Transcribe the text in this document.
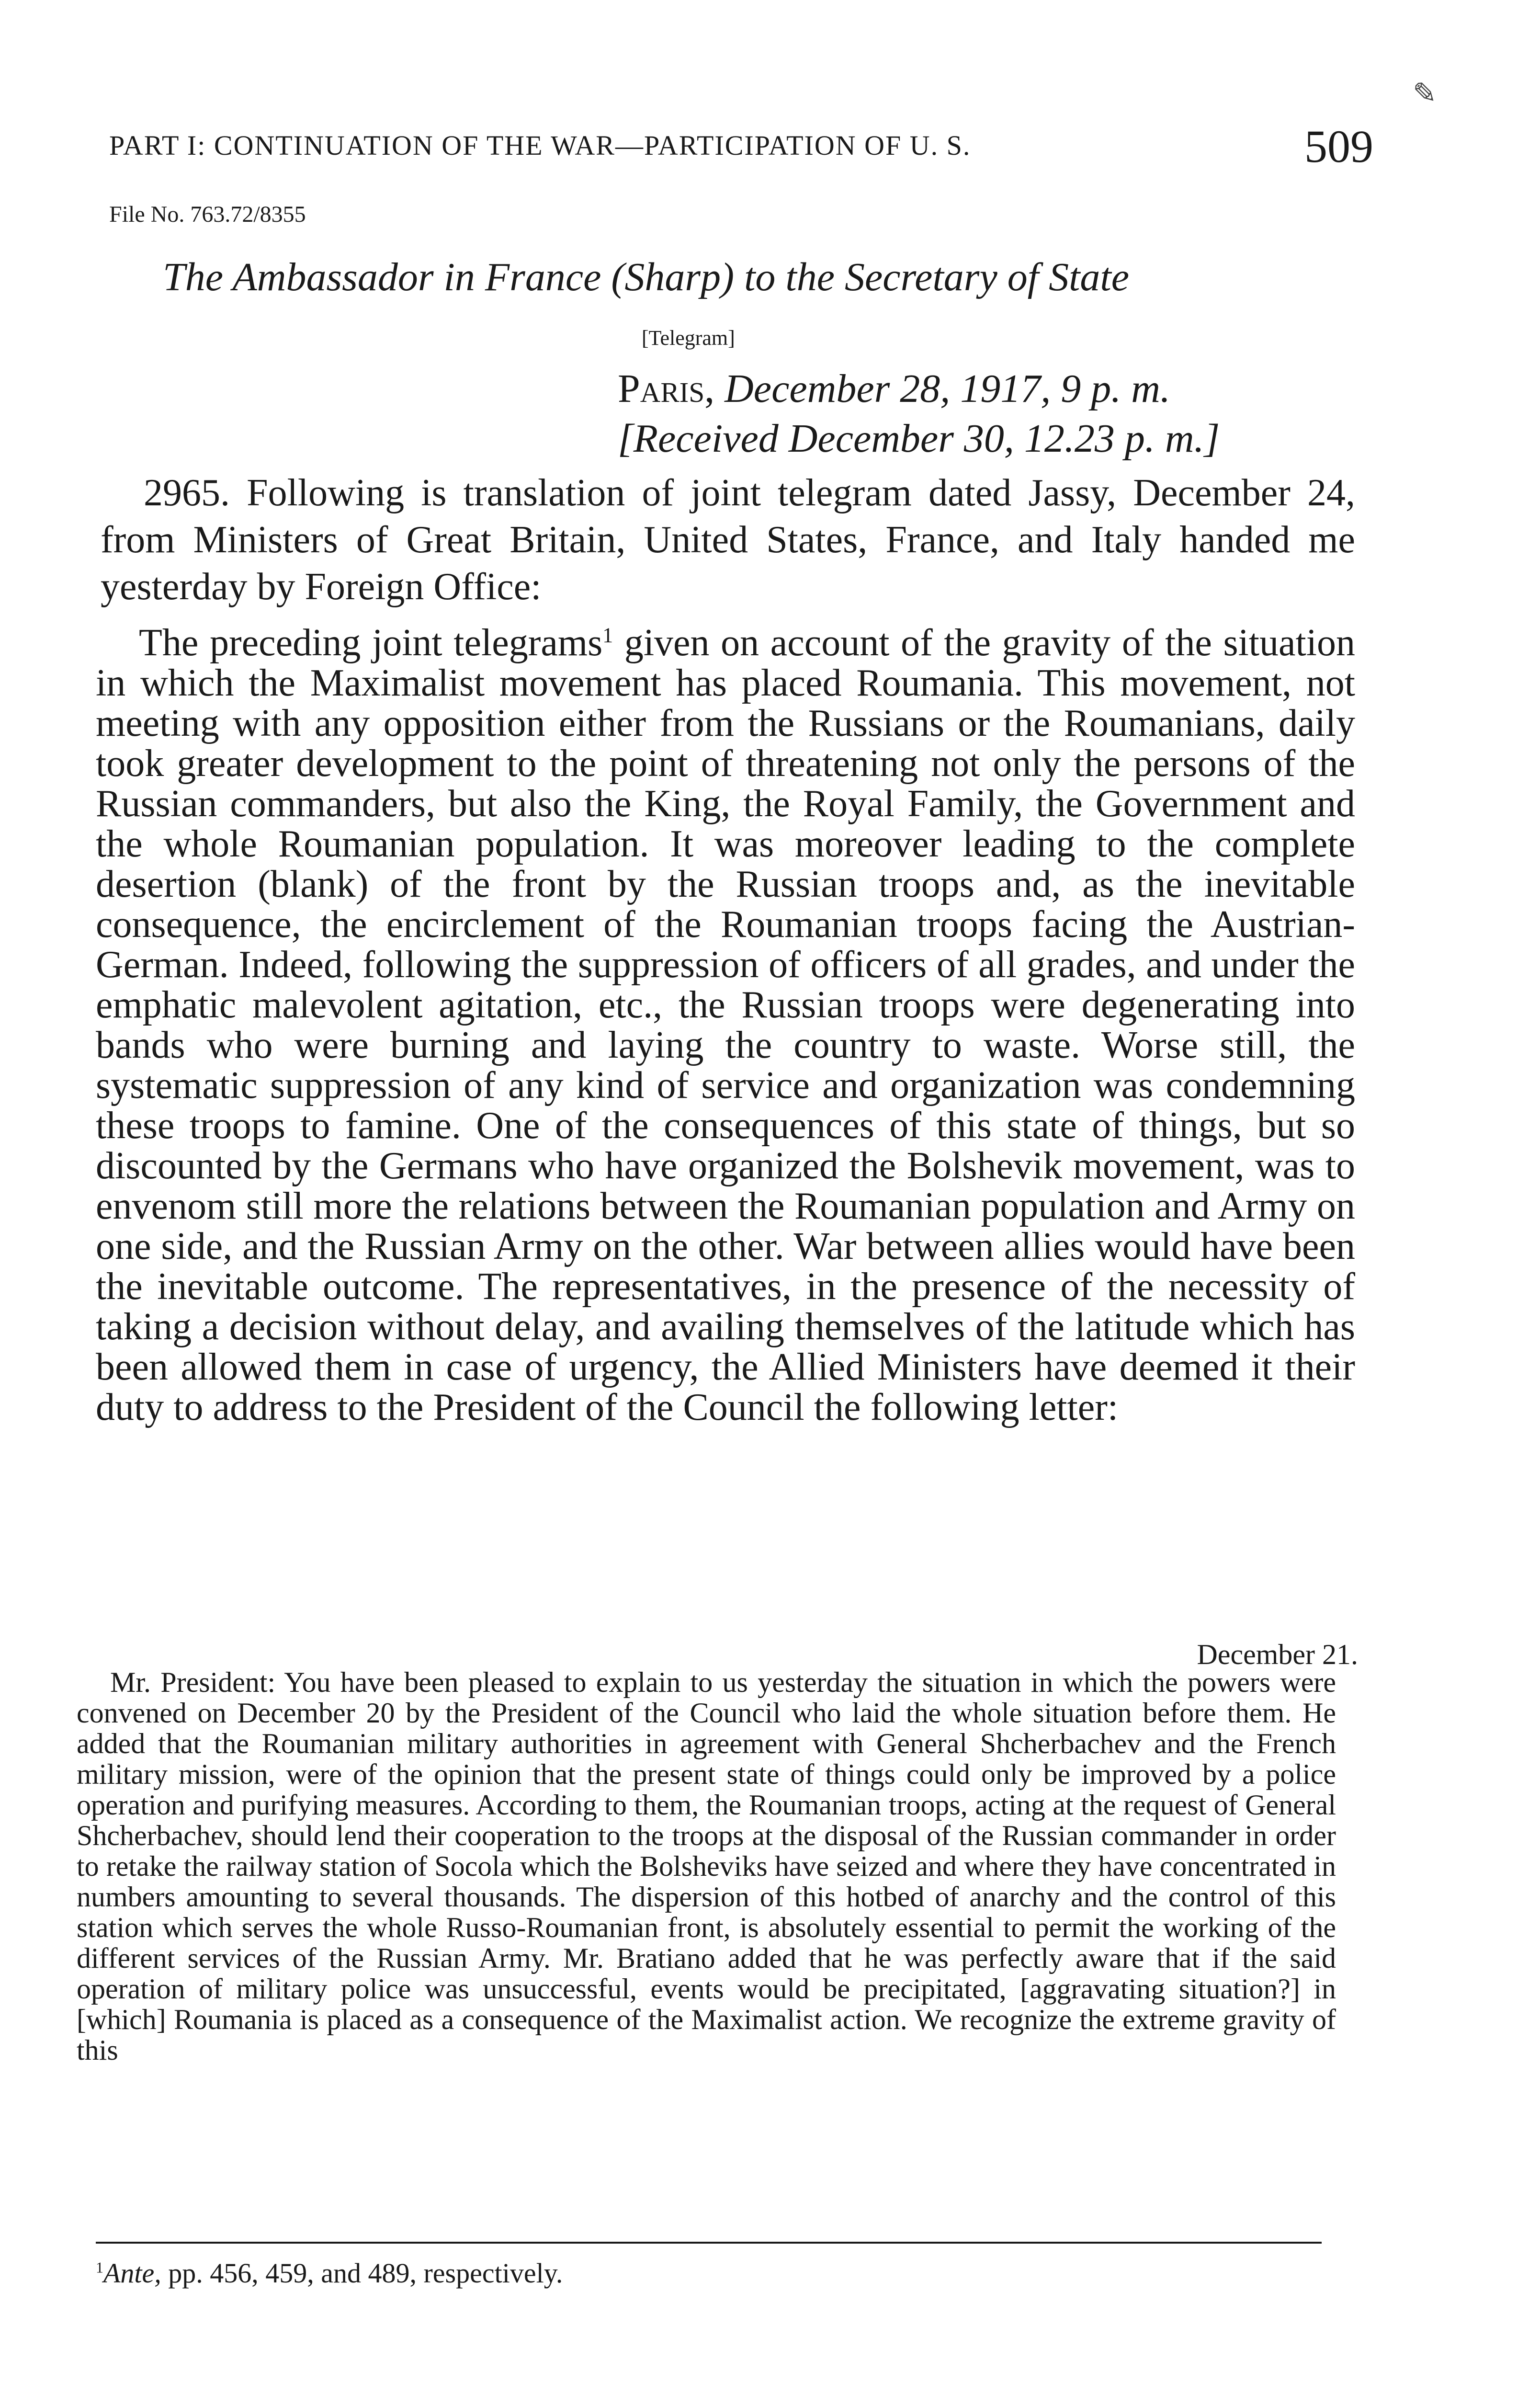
✎
PART I: CONTINUATION OF THE WAR—PARTICIPATION OF U. S.	509
File No. 763.72/8355
The Ambassador in France (Sharp) to the Secretary of State
[Telegram]
Paris, December 28, 1917, 9 p. m.
[Received December 30, 12.23 p. m.]

2965. Following is translation of joint telegram dated Jassy, December 24, from Ministers of Great Britain, United States, France, and Italy handed me yesterday by Foreign Office:

The preceding joint telegrams$^1$ given on account of the gravity of the situation in which the Maximalist movement has placed Roumania. This movement, not meeting with any opposition either from the Russians or the Roumanians, daily took greater development to the point of threatening not only the persons of the Russian commanders, but also the King, the Royal Family, the Government and the whole Roumanian population. It was moreover leading to the complete desertion (blank) of the front by the Russian troops and, as the inevitable consequence, the encirclement of the Roumanian troops facing the Austrian-German. Indeed, following the suppression of officers of all grades, and under the emphatic malevolent agitation, etc., the Russian troops were degenerating into bands who were burning and laying the country to waste. Worse still, the systematic suppression of any kind of service and organization was condemning these troops to famine. One of the consequences of this state of things, but so discounted by the Germans who have organized the Bolshevik movement, was to envenom still more the relations between the Roumanian population and Army on one side, and the Russian Army on the other. War between allies would have been the inevitable outcome. The representatives, in the presence of the necessity of taking a decision without delay, and availing themselves of the latitude which has been allowed them in case of urgency, the Allied Ministers have deemed it their duty to address to the President of the Council the following letter:

December 21.

Mr. President: You have been pleased to explain to us yesterday the situation in which the powers were convened on December 20 by the President of the Council who laid the whole situation before them. He added that the Roumanian military authorities in agreement with General Shcherbachev and the French military mission, were of the opinion that the present state of things could only be improved by a police operation and purifying measures. According to them, the Roumanian troops, acting at the request of General Shcherbachev, should lend their cooperation to the troops at the disposal of the Russian commander in order to retake the railway station of Socola which the Bolsheviks have seized and where they have concentrated in numbers amounting to several thousands. The dispersion of this hotbed of anarchy and the control of this station which serves the whole Russo-Roumanian front, is absolutely essential to permit the working of the different services of the Russian Army. Mr. Bratiano added that he was perfectly aware that if the said operation of military police was unsuccessful, events would be precipitated, [aggravating situation?] in [which] Roumania is placed as a consequence of the Maximalist action. We recognize the extreme gravity of this

$^1$Ante, pp. 456, 459, and 489, respectively.
